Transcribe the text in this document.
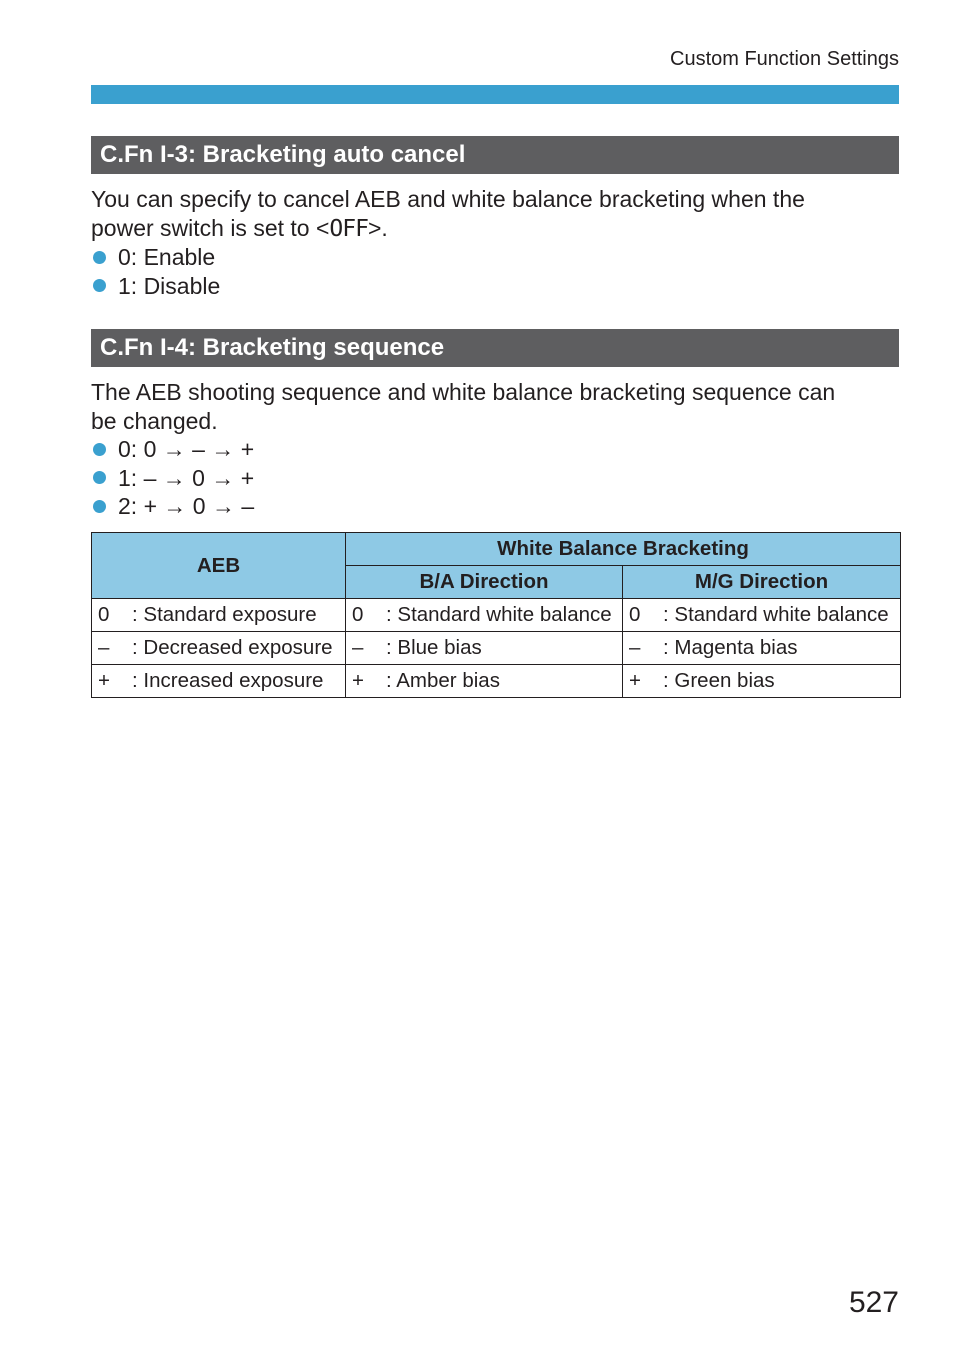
Custom Function Settings
C.Fn I-3: Bracketing auto cancel

You can specify to cancel AEB and white balance bracketing when the

power switch is set to <OFF>.

0: Enable
1: Disable
C.Fn I-4: Bracketing sequence

The AEB shooting sequence and white balance bracketing sequence can

be changed.

0: 0 → – → +
1: – → 0 → +
2: + → 0 → –
AEB	White Balance Bracketing	
	B/A Direction	M/G Direction
0 : Standard exposure	0 : Standard white balance	0 : Standard white balance
– : Decreased exposure	– : Blue bias	– : Magenta bias
+ : Increased exposure	+ : Amber bias	+ : Green bias
527
